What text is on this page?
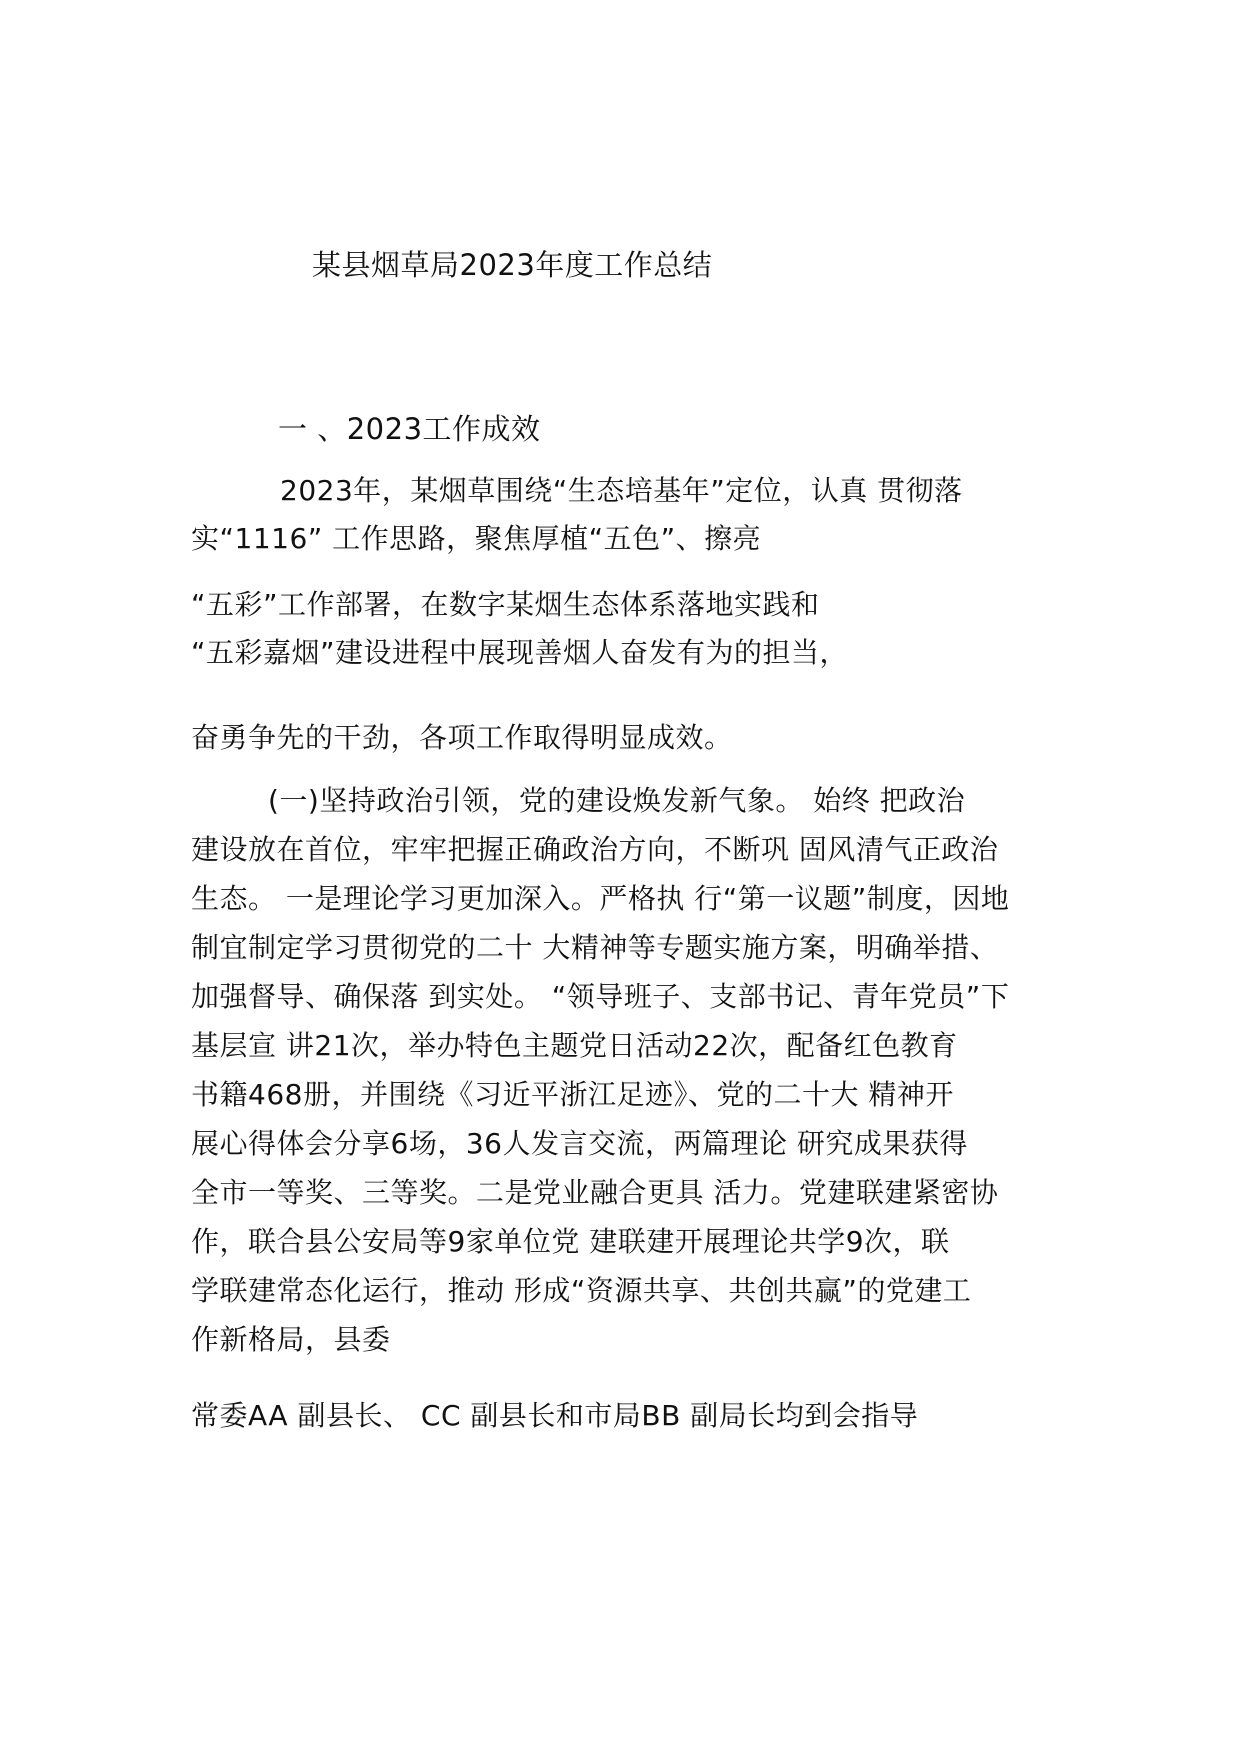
某县烟草局2023年度工作总结
一 、2023工作成效
2023年，某烟草围绕“生态培基年”定位，认真 贯彻落
实“1116” 工作思路，聚焦厚植“五色”、擦亮
“五彩”工作部署，在数字某烟生态体系落地实践和
“五彩嘉烟”建设进程中展现善烟人奋发有为的担当，
奋勇争先的干劲，各项工作取得明显成效。
(一)坚持政治引领，党的建设焕发新气象。 始终 把政治
建设放在首位，牢牢把握正确政治方向，不断巩 固风清气正政治
生态。 一是理论学习更加深入。严格执 行“第一议题”制度，因地
制宜制定学习贯彻党的二十 大精神等专题实施方案，明确举措、
加强督导、确保落 到实处。 “领导班子、支部书记、青年党员”下
基层宣 讲21次，举办特色主题党日活动22次，配备红色教育
书籍468册，并围绕《习近平浙江足迹》、党的二十大 精神开
展心得体会分享6场，36人发言交流，两篇理论 研究成果获得
全市一等奖、三等奖。二是党业融合更具 活力。党建联建紧密协
作，联合县公安局等9家单位党 建联建开展理论共学9次，联
学联建常态化运行，推动 形成“资源共享、共创共赢”的党建工
作新格局，县委
常委AA 副县长、 CC 副县长和市局BB 副局长均到会指导
